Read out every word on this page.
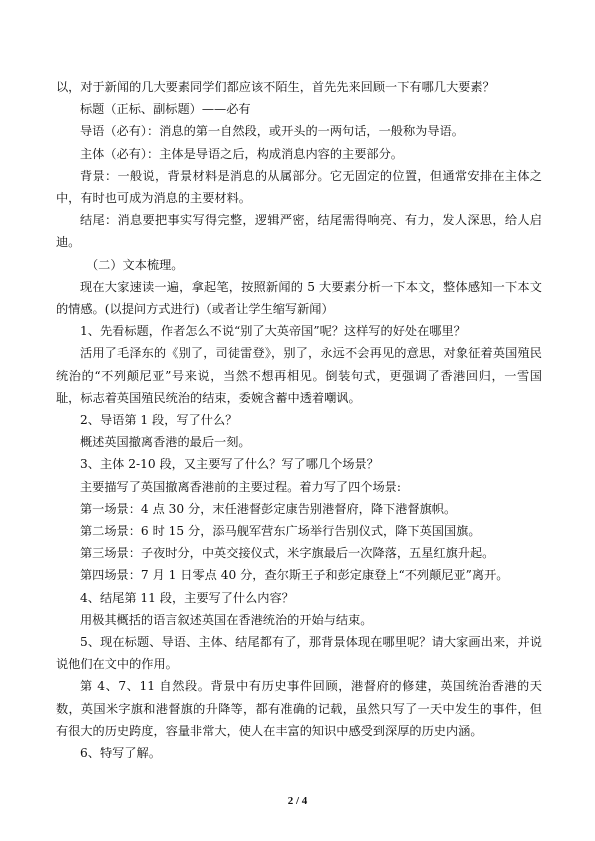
以，对于新闻的几大要素同学们都应该不陌生，首先先来回顾一下有哪几大要素？

标题（正标、副标题）——必有

导语（必有）：消息的第一自然段，或开头的一两句话，一般称为导语。

主体（必有）：主体是导语之后，构成消息内容的主要部分。

背景：一般说，背景材料是消息的从属部分。它无固定的位置，但通常安排在主体之中，有时也可成为消息的主要材料。

结尾：消息要把事实写得完整，逻辑严密，结尾需得响亮、有力，发人深思，给人启迪。

（二）文本梳理。

现在大家速读一遍，拿起笔，按照新闻的 5 大要素分析一下本文，整体感知一下本文的情感。(以提问方式进行)（或者让学生缩写新闻）

1、先看标题，作者怎么不说“别了大英帝国”呢？这样写的好处在哪里？

活用了毛泽东的《别了，司徒雷登》，别了，永远不会再见的意思，对象征着英国殖民统治的“不列颠尼亚”号来说，当然不想再相见。倒装句式，更强调了香港回归，一雪国耻，标志着英国殖民统治的结束，委婉含蓄中透着嘲讽。

2、导语第 1 段，写了什么？

概述英国撤离香港的最后一刻。

3、主体 2-10 段，又主要写了什么？写了哪几个场景？

主要描写了英国撤离香港前的主要过程。着力写了四个场景:

第一场景：4 点 30 分，末任港督彭定康告别港督府，降下港督旗帜。

第二场景：6 时 15 分，添马舰军营东广场举行告别仪式，降下英国国旗。

第三场景：子夜时分，中英交接仪式，米字旗最后一次降落，五星红旗升起。

第四场景：7 月 1 日零点 40 分，查尔斯王子和彭定康登上“不列颠尼亚”离开。

4、结尾第 11 段，主要写了什么内容？

用极其概括的语言叙述英国在香港统治的开始与结束。

5、现在标题、导语、主体、结尾都有了，那背景体现在哪里呢？请大家画出来，并说说他们在文中的作用。

第 4、7、11 自然段。背景中有历史事件回顾，港督府的修建，英国统治香港的天数，英国米字旗和港督旗的升降等，都有准确的记载，虽然只写了一天中发生的事件，但有很大的历史跨度，容量非常大，使人在丰富的知识中感受到深厚的历史内涵。

6、特写了解。

2 / 4
